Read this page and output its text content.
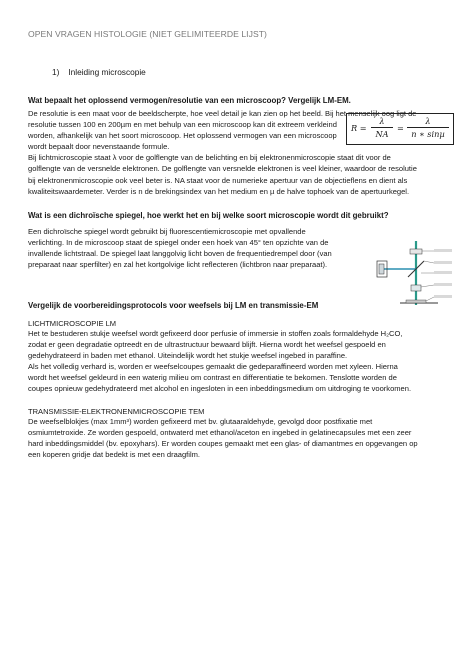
OPEN VRAGEN HISTOLOGIE (NIET GELIMITEERDE LIJST)
1) Inleiding microscopie
Wat bepaalt het oplossend vermogen/resolutie van een microscoop? Vergelijk LM-EM.
De resolutie is een maat voor de beeldscherpte, hoe veel detail je kan zien op het beeld. Bij het menselijk oog ligt de
resolutie tussen 100 en 200µm en met behulp van een microscoop kan dit extreem verkleind
worden, afhankelijk van het soort microscoop. Het oplossend vermogen van een microscoop
wordt bepaalt door nevenstaande formule.
Bij lichtmicroscopie staat λ voor de golflengte van de belichting en bij elektronenmicroscopie staat dit voor de
golflengte van de versnelde elektronen. De golflengte van versnelde elektronen is veel kleiner, waardoor de resolutie
bij elektronenmicroscopie ook veel beter is. NA staat voor de numerieke apertuur van de objectieflens en dient als
kwaliteitswaardemeter. Verder is n de brekingsindex van het medium en µ de halve tophoek van de apertuurkegel.
$R = \frac{\lambda}{NA}$ =
λ
n ∗ sinµ
Wat is een dichroïsche spiegel, hoe werkt het en bij welke soort microscopie wordt dit gebruikt?
Een dichroïsche spiegel wordt gebruikt bij fluorescentiemicroscopie met opvallende
verlichting. In de microscoop staat de spiegel onder een hoek van 45° ten opzichte van de
invallende lichtstraal. De spiegel laat langgolvig licht boven de frequentiedrempel door (van
preparaat naar sperfilter) en zal het kortgolvige licht reflecteren (lichtbron naar preparaat).
Vergelijk de voorbereidingsprotocols voor weefsels bij LM en transmissie-EM
LICHTMICROSCOPIE LM
Het te bestuderen stukje weefsel wordt gefixeerd door perfusie of immersie in stoffen zoals formaldehyde H₂CO,
zodat er geen degradatie optreedt en de ultrastructuur bewaard blijft. Hierna wordt het weefsel gespoeld en
gedehydrateerd in baden met ethanol. Uiteindelijk wordt het stukje weefsel ingebed in paraffine.
Als het volledig verhard is, worden er weefselcoupes gemaakt die gedeparaffineerd worden met xyleen. Hierna
wordt het weefsel gekleurd in een waterig milieu om contrast en differentiatie te bekomen. Tenslotte worden de
coupes opnieuw gedehydrateerd met alcohol en ingesloten in een inbeddingsmedium om uitdroging te voorkomen.
TRANSMISSIE-ELEKTRONENMICROSCOPIE TEM
De weefselblokjes (max 1mm³) worden gefixeerd met bv. glutaaraldehyde, gevolgd door postfixatie met
osmiumtetroxide. Ze worden gespoeld, ontwaterd met ethanol/aceton en ingebed in gelatinecapsules met een zeer
hard inbeddingsmiddel (bv. epoxyhars). Er worden coupes gemaakt met een glas- of diamantmes en opgevangen op
een koperen gridje dat bedekt is met een draagfilm.
